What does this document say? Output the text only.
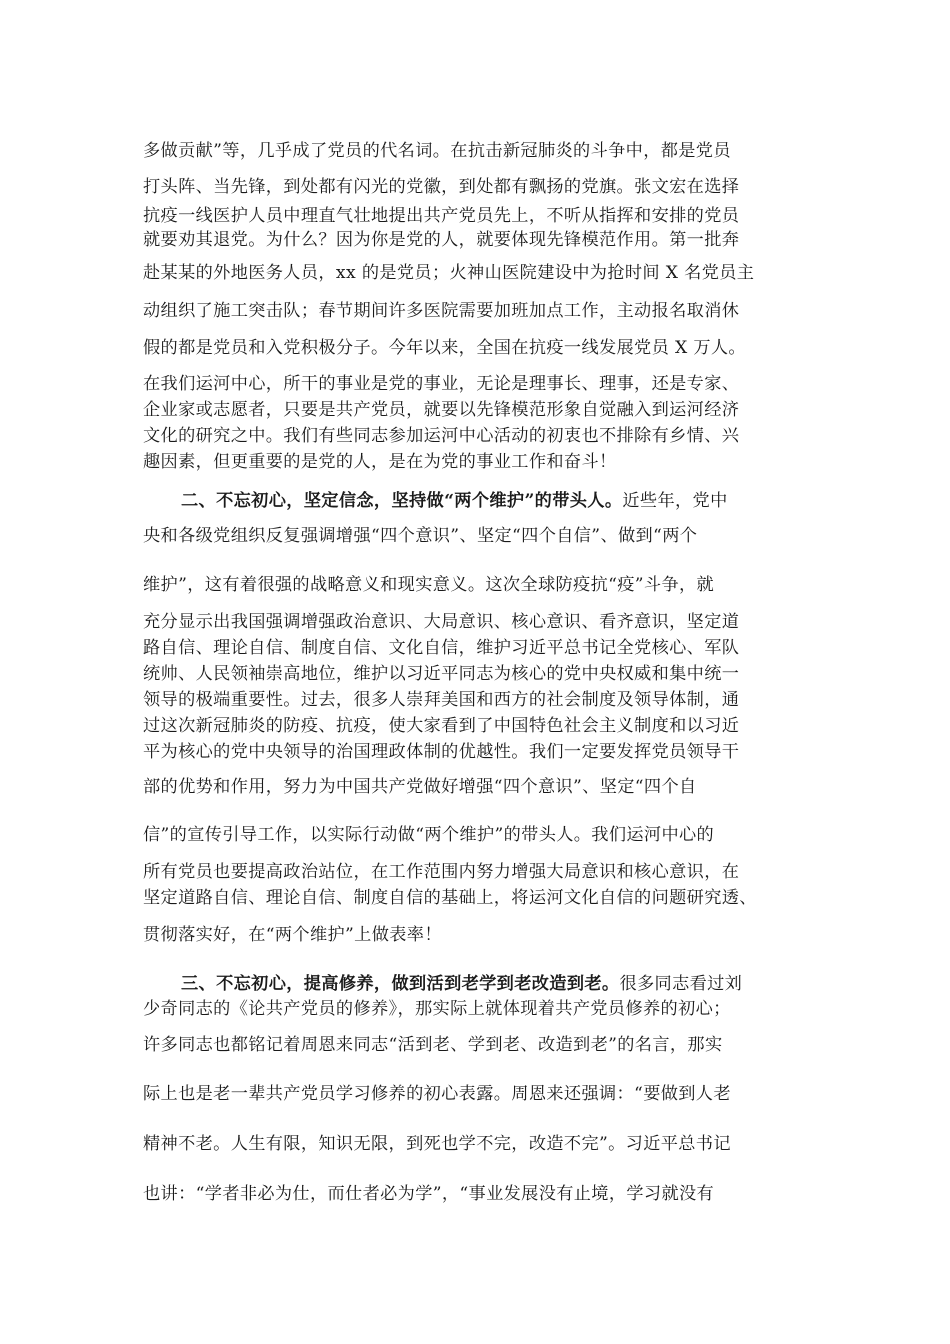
多做贡献”等，几乎成了党员的代名词。在抗击新冠肺炎的斗争中，都是党员
打头阵、当先锋，到处都有闪光的党徽，到处都有飘扬的党旗。张文宏在选择
抗疫一线医护人员中理直气壮地提出共产党员先上，不听从指挥和安排的党员
就要劝其退党。为什么？因为你是党的人，就要体现先锋模范作用。第一批奔
赴某某的外地医务人员，xx 的是党员；火神山医院建设中为抢时间 X 名党员主
动组织了施工突击队；春节期间许多医院需要加班加点工作，主动报名取消休
假的都是党员和入党积极分子。今年以来，全国在抗疫一线发展党员 X 万人。
在我们运河中心，所干的事业是党的事业，无论是理事长、理事，还是专家、
企业家或志愿者，只要是共产党员，就要以先锋模范形象自觉融入到运河经济
文化的研究之中。我们有些同志参加运河中心活动的初衷也不排除有乡情、兴
趣因素，但更重要的是党的人，是在为党的事业工作和奋斗！
二、不忘初心，坚定信念，坚持做“两个维护”的带头人。近些年，党中
央和各级党组织反复强调增强“四个意识”、坚定“四个自信”、做到“两个
维护”，这有着很强的战略意义和现实意义。这次全球防疫抗“疫”斗争，就
充分显示出我国强调增强政治意识、大局意识、核心意识、看齐意识，坚定道
路自信、理论自信、制度自信、文化自信，维护习近平总书记全党核心、军队
统帅、人民领袖崇高地位，维护以习近平同志为核心的党中央权威和集中统一
领导的极端重要性。过去，很多人崇拜美国和西方的社会制度及领导体制，通
过这次新冠肺炎的防疫、抗疫，使大家看到了中国特色社会主义制度和以习近
平为核心的党中央领导的治国理政体制的优越性。我们一定要发挥党员领导干
部的优势和作用，努力为中国共产党做好增强“四个意识”、坚定“四个自
信”的宣传引导工作，以实际行动做“两个维护”的带头人。我们运河中心的
所有党员也要提高政治站位，在工作范围内努力增强大局意识和核心意识，在
坚定道路自信、理论自信、制度自信的基础上，将运河文化自信的问题研究透、
贯彻落实好，在“两个维护”上做表率！
三、不忘初心，提高修养，做到活到老学到老改造到老。很多同志看过刘
少奇同志的《论共产党员的修养》，那实际上就体现着共产党员修养的初心；
许多同志也都铭记着周恩来同志“活到老、学到老、改造到老”的名言，那实
际上也是老一辈共产党员学习修养的初心表露。周恩来还强调：“要做到人老
精神不老。人生有限，知识无限，到死也学不完，改造不完”。习近平总书记
也讲：“学者非必为仕，而仕者必为学”，“事业发展没有止境，学习就没有
